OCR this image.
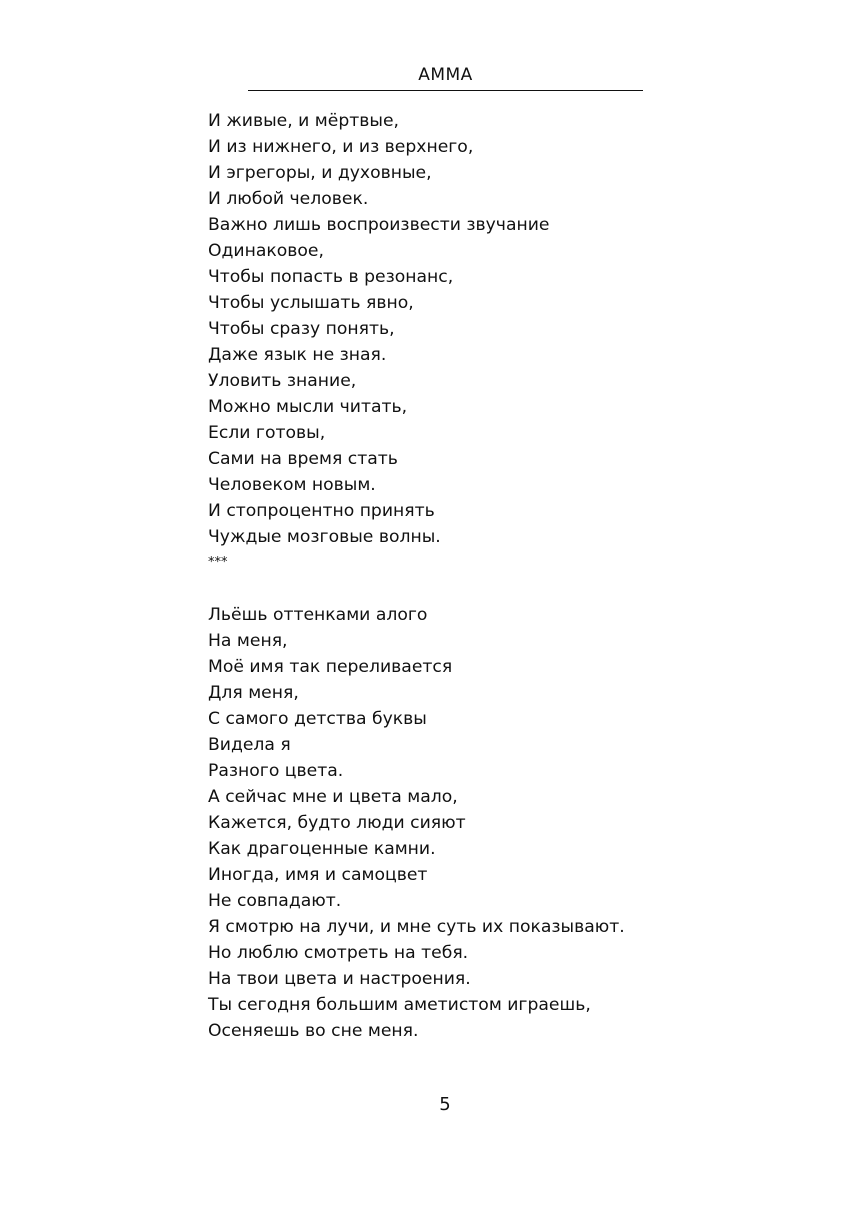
АММА
И живые, и мёртвые,
И из нижнего, и из верхнего,
И эгрегоры, и духовные,
И любой человек.
Важно лишь воспроизвести звучание
Одинаковое,
Чтобы попасть в резонанс,
Чтобы услышать явно,
Чтобы сразу понять,
Даже язык не зная.
Уловить знание,
Можно мысли читать,
Если готовы,
Сами на время стать
Человеком новым.
И стопроцентно принять
Чуждые мозговые волны.
***
Льёшь оттенками алого
На меня,
Моё имя так переливается
Для меня,
С самого детства буквы
Видела я
Разного цвета.
А сейчас мне и цвета мало,
Кажется, будто люди сияют
Как драгоценные камни.
Иногда, имя и самоцвет
Не совпадают.
Я смотрю на лучи, и мне суть их показывают.
Но люблю смотреть на тебя.
На твои цвета и настроения.
Ты сегодня большим аметистом играешь,
Осеняешь во сне меня.
5
